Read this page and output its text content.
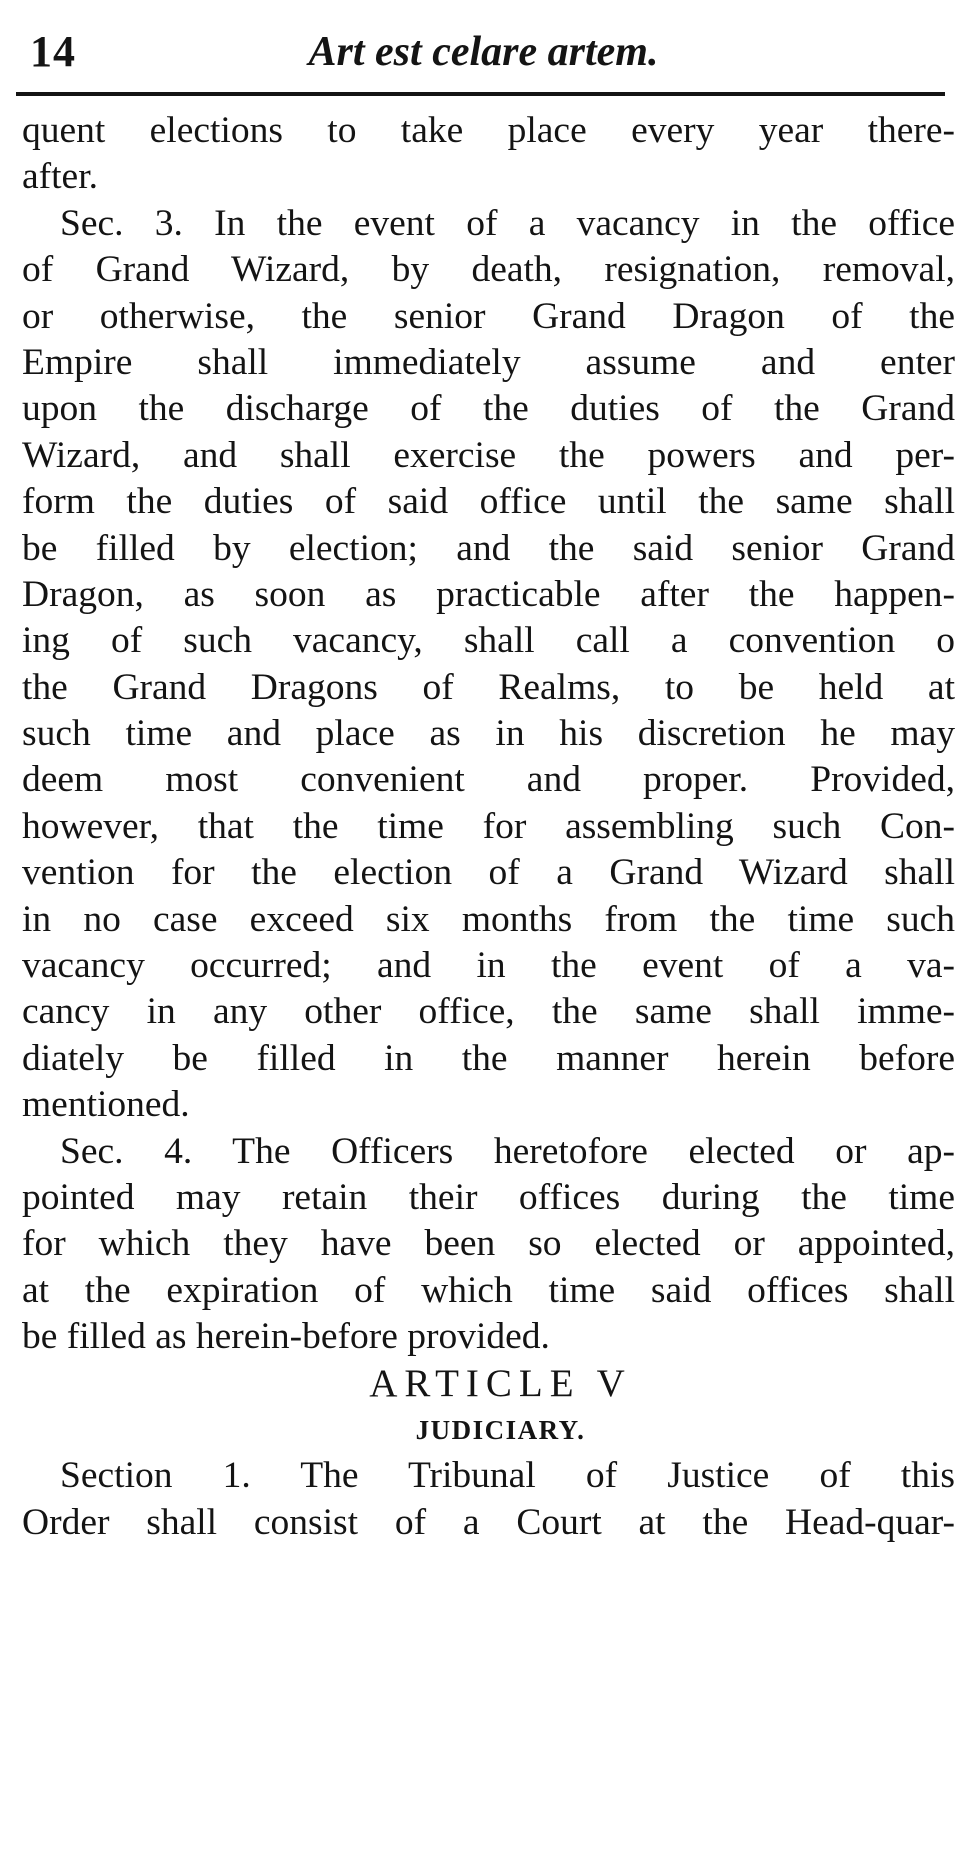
14	Art est celare artem.
quent elections to take place every year there-
after.
Sec. 3. In the event of a vacancy in the office
of Grand Wizard, by death, resignation, removal,
or otherwise, the senior Grand Dragon of the
Empire shall immediately assume and enter
upon the discharge of the duties of the Grand
Wizard, and shall exercise the powers and per-
form the duties of said office until the same shall
be filled by election; and the said senior Grand
Dragon, as soon as practicable after the happen-
ing of such vacancy, shall call a convention o
the Grand Dragons of Realms, to be held at
such time and place as in his discretion he may
deem most convenient and proper. Provided,
however, that the time for assembling such Con-
vention for the election of a Grand Wizard shall
in no case exceed six months from the time such
vacancy occurred; and in the event of a va-
cancy in any other office, the same shall imme-
diately be filled in the manner herein before
mentioned.
Sec. 4. The Officers heretofore elected or ap-
pointed may retain their offices during the time
for which they have been so elected or appointed,
at the expiration of which time said offices shall
be filled as herein-before provided.
ARTICLE V
JUDICIARY.
Section 1. The Tribunal of Justice of this
Order shall consist of a Court at the Head-quar-
